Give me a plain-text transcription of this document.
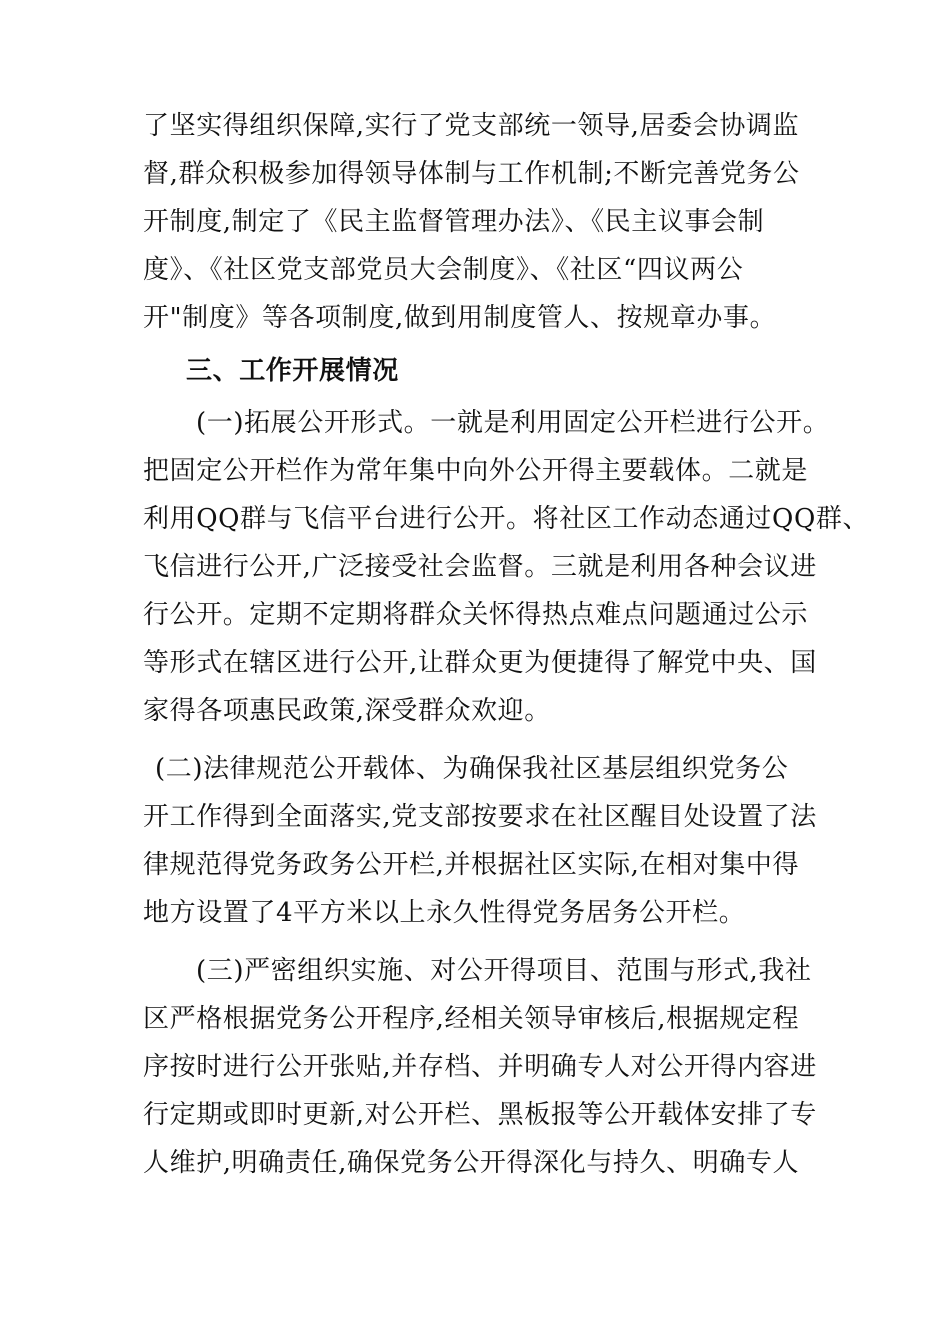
了坚实得组织保障,实行了党支部统一领导,居委会协调监
督,群众积极参加得领导体制与工作机制;不断完善党务公
开制度,制定了《民主监督管理办法》、《民主议事会制
度》、《社区党支部党员大会制度》、《社区“四议两公
开"制度》等各项制度,做到用制度管人、按规章办事。
三、工作开展情况
(一)拓展公开形式。一就是利用固定公开栏进行公开。
把固定公开栏作为常年集中向外公开得主要载体。二就是
利用QQ群与飞信平台进行公开。将社区工作动态通过QQ群、
飞信进行公开,广泛接受社会监督。三就是利用各种会议进
行公开。定期不定期将群众关怀得热点难点问题通过公示
等形式在辖区进行公开,让群众更为便捷得了解党中央、国
家得各项惠民政策,深受群众欢迎。
(二)法律规范公开载体、为确保我社区基层组织党务公
开工作得到全面落实,党支部按要求在社区醒目处设置了法
律规范得党务政务公开栏,并根据社区实际,在相对集中得
地方设置了4平方米以上永久性得党务居务公开栏。
(三)严密组织实施、对公开得项目、范围与形式,我社
区严格根据党务公开程序,经相关领导审核后,根据规定程
序按时进行公开张贴,并存档、并明确专人对公开得内容进
行定期或即时更新,对公开栏、黑板报等公开载体安排了专
人维护,明确责任,确保党务公开得深化与持久、明确专人
